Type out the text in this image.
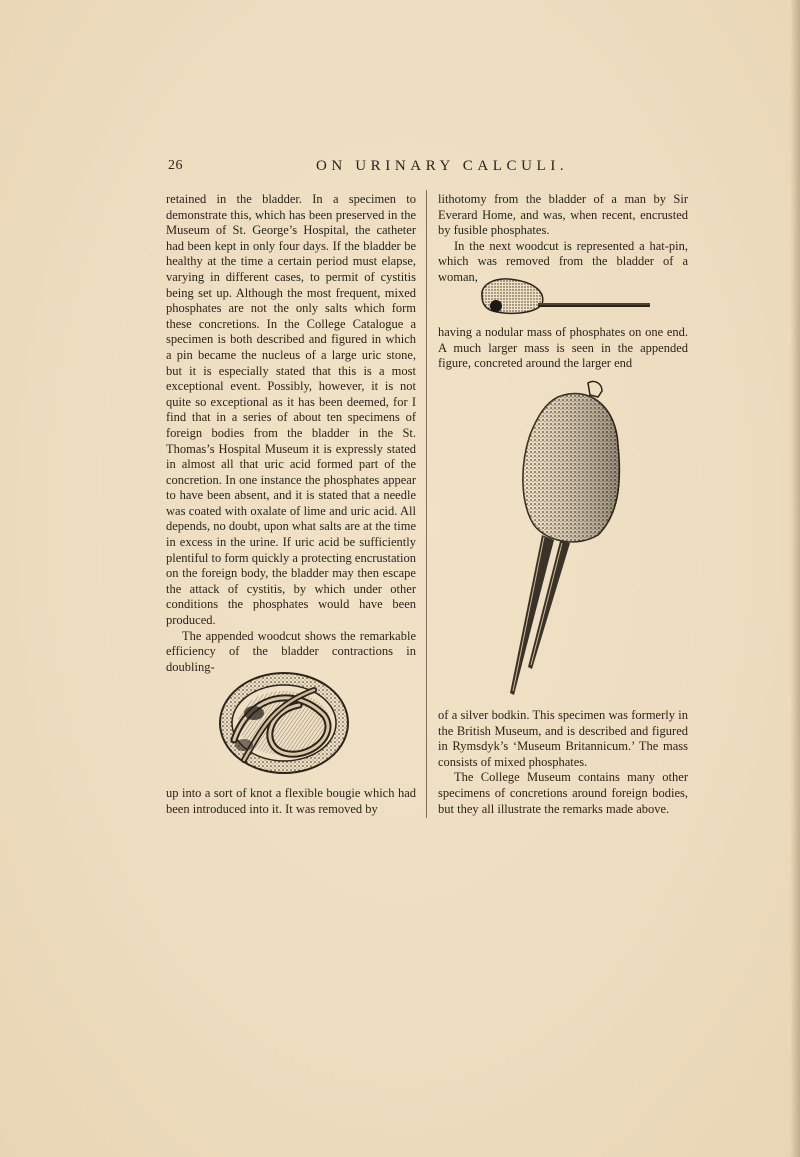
26	ON URINARY CALCULI.

retained in the bladder. In a specimen to demonstrate this, which has been preserved in the Museum of St. George’s Hospital, the catheter had been kept in only four days. If the bladder be healthy at the time a certain period must elapse, varying in different cases, to permit of cystitis being set up. Although the most frequent, mixed phosphates are not the only salts which form these concretions. In the College Catalogue a specimen is both described and figured in which a pin became the nucleus of a large uric stone, but it is especially stated that this is a most exceptional event. Possibly, however, it is not quite so exceptional as it has been deemed, for I find that in a series of about ten specimens of foreign bodies from the bladder in the St. Thomas’s Hospital Museum it is expressly stated in almost all that uric acid formed part of the concretion. In one instance the phosphates appear to have been absent, and it is stated that a needle was coated with oxalate of lime and uric acid. All depends, no doubt, upon what salts are at the time in excess in the urine. If uric acid be sufficiently plentiful to form quickly a protecting encrustation on the foreign body, the bladder may then escape the attack of cystitis, by which under other conditions the phosphates would have been produced.

The appended woodcut shows the remarkable efficiency of the bladder contractions in doubling-

up into a sort of knot a flexible bougie which had been introduced into it. It was removed by

lithotomy from the bladder of a man by Sir Everard Home, and was, when recent, encrusted by fusible phosphates.

In the next woodcut is represented a hat-pin, which was removed from the bladder of a woman,

having a nodular mass of phosphates on one end. A much larger mass is seen in the appended figure, concreted around the larger end

of a silver bodkin. This specimen was formerly in the British Museum, and is described and figured in Rymsdyk’s ‘Museum Britannicum.’ The mass consists of mixed phosphates.

The College Museum contains many other specimens of concretions around foreign bodies, but they all illustrate the remarks made above.
